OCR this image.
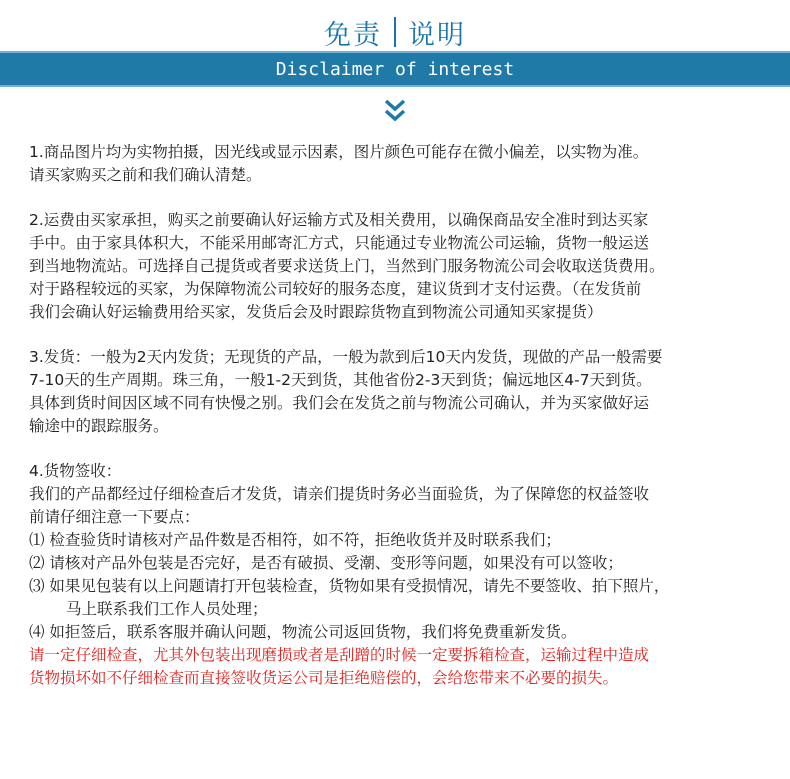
免责 说明
Disclaimer of interest

1.商品图片均为实物拍摄，因光线或显示因素，图片颜色可能存在微小偏差，以实物为准。

请买家购买之前和我们确认清楚。

2.运费由买家承担，购买之前要确认好运输方式及相关费用，以确保商品安全准时到达买家

手中。由于家具体积大，不能采用邮寄汇方式，只能通过专业物流公司运输，货物一般运送

到当地物流站。可选择自己提货或者要求送货上门，当然到门服务物流公司会收取送货费用。

对于路程较远的买家，为保障物流公司较好的服务态度，建议货到才支付运费。（在发货前

我们会确认好运输费用给买家，发货后会及时跟踪货物直到物流公司通知买家提货）

3.发货：一般为2天内发货；无现货的产品，一般为款到后10天内发货，现做的产品一般需要

7-10天的生产周期。珠三角，一般1-2天到货，其他省份2-3天到货；偏远地区4-7天到货。

具体到货时间因区域不同有快慢之别。我们会在发货之前与物流公司确认，并为买家做好运

输途中的跟踪服务。

4.货物签收：

我们的产品都经过仔细检查后才发货，请亲们提货时务必当面验货，为了保障您的权益签收

前请仔细注意一下要点：

⑴ 检查验货时请核对产品件数是否相符，如不符，拒绝收货并及时联系我们；

⑵ 请核对产品外包装是否完好，是否有破损、受潮、变形等问题，如果没有可以签收；

⑶ 如果见包装有以上问题请打开包装检查，货物如果有受损情况，请先不要签收、拍下照片，

马上联系我们工作人员处理；

⑷ 如拒签后，联系客服并确认问题，物流公司返回货物，我们将免费重新发货。

请一定仔细检查，尤其外包装出现磨损或者是刮蹭的时候一定要拆箱检查，运输过程中造成

货物损坏如不仔细检查而直接签收货运公司是拒绝赔偿的，会给您带来不必要的损失。
